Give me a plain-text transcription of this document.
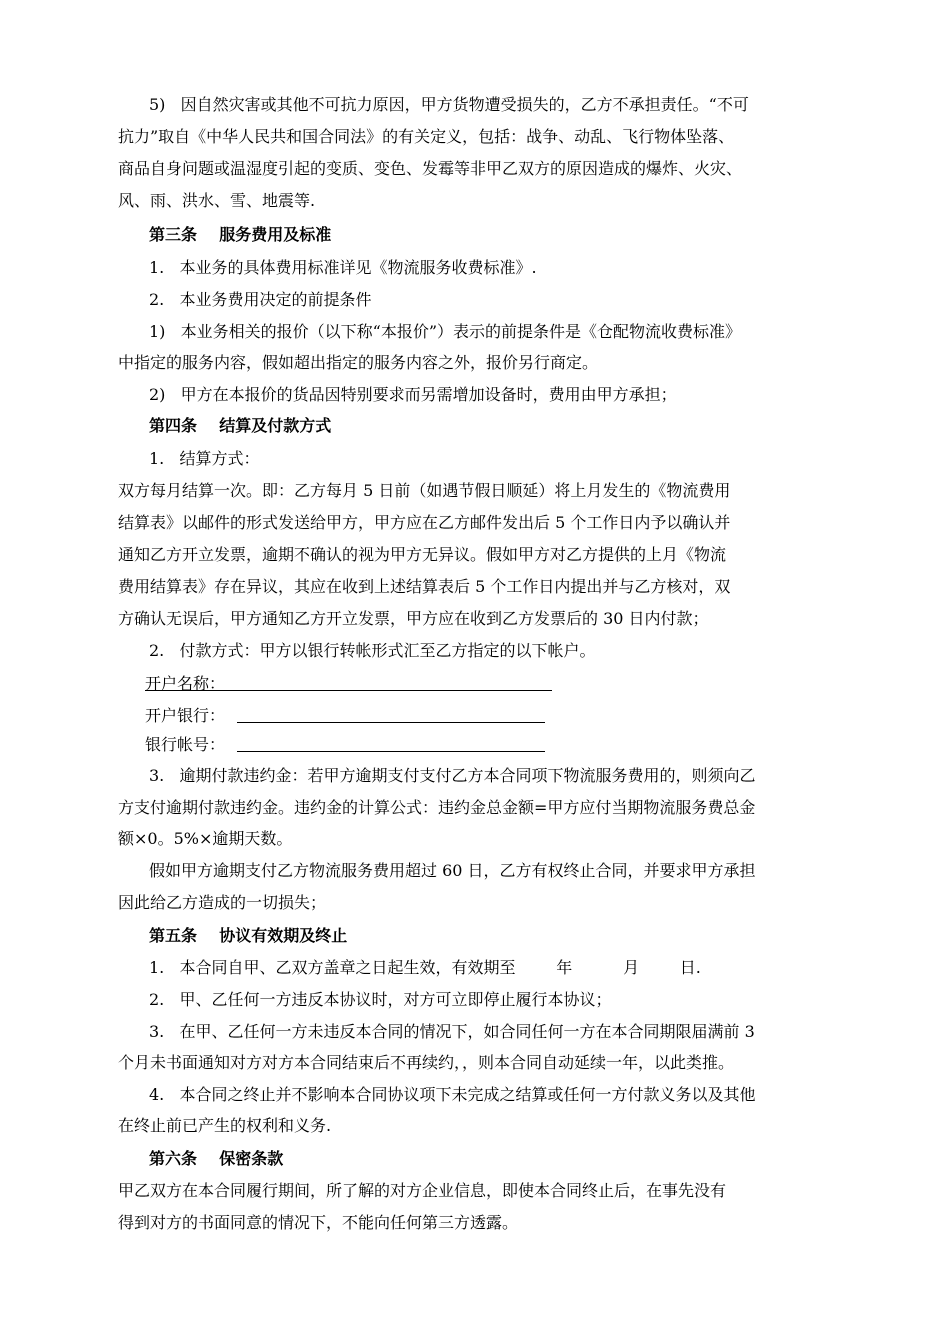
5)   因自然灾害或其他不可抗力原因，甲方货物遭受损失的，乙方不承担责任。“不可
抗力”取自《中华人民共和国合同法》的有关定义，包括：战争、动乱、飞行物体坠落、
商品自身问题或温湿度引起的变质、变色、发霉等非甲乙双方的原因造成的爆炸、火灾、
风、雨、洪水、雪、地震等.
第三条    服务费用及标准
1.   本业务的具体费用标准详见《物流服务收费标准》.
2.   本业务费用决定的前提条件
1)   本业务相关的报价（以下称“本报价”）表示的前提条件是《仓配物流收费标准》
中指定的服务内容，假如超出指定的服务内容之外，报价另行商定。
2)   甲方在本报价的货品因特别要求而另需增加设备时，费用由甲方承担；
第四条    结算及付款方式
1.   结算方式：
双方每月结算一次。即：乙方每月 5 日前（如遇节假日顺延）将上月发生的《物流费用
结算表》以邮件的形式发送给甲方，甲方应在乙方邮件发出后 5 个工作日内予以确认并
通知乙方开立发票，逾期不确认的视为甲方无异议。假如甲方对乙方提供的上月《物流
费用结算表》存在异议，其应在收到上述结算表后 5 个工作日内提出并与乙方核对，双
方确认无误后，甲方通知乙方开立发票，甲方应在收到乙方发票后的 30 日内付款；
2.   付款方式：甲方以银行转帐形式汇至乙方指定的以下帐户。
开户名称：
开户银行：
银行帐号：
3.   逾期付款违约金：若甲方逾期支付支付乙方本合同项下物流服务费用的，则须向乙
方支付逾期付款违约金。违约金的计算公式：违约金总金额=甲方应付当期物流服务费总金
额×0。5%×逾期天数。
假如甲方逾期支付乙方物流服务费用超过 60 日，乙方有权终止合同，并要求甲方承担
因此给乙方造成的一切损失；
第五条    协议有效期及终止
1.   本合同自甲、乙双方盖章之日起生效，有效期至        年          月        日.
2.   甲、乙任何一方违反本协议时，对方可立即停止履行本协议；
3.   在甲、乙任何一方未违反本合同的情况下，如合同任何一方在本合同期限届满前 3
个月未书面通知对方对方本合同结束后不再续约，，则本合同自动延续一年，以此类推。
4.   本合同之终止并不影响本合同协议项下未完成之结算或任何一方付款义务以及其他
在终止前已产生的权利和义务.
第六条    保密条款
甲乙双方在本合同履行期间，所了解的对方企业信息，即使本合同终止后，在事先没有
得到对方的书面同意的情况下，不能向任何第三方透露。
